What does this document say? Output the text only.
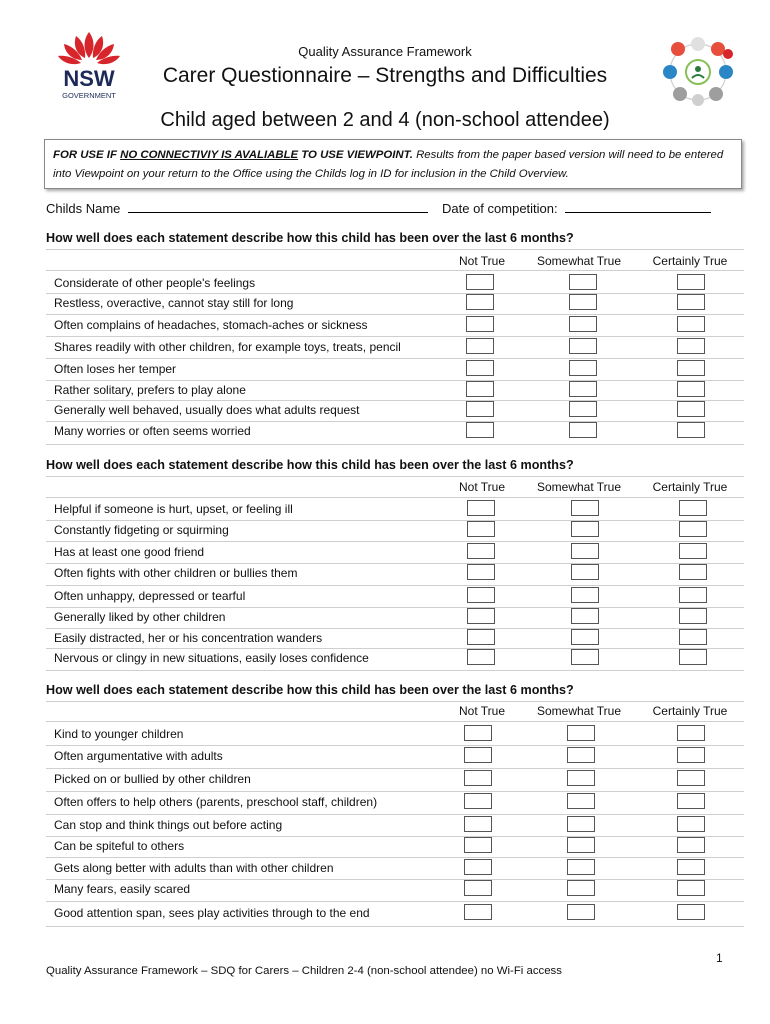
NSW
GOVERNMENT
Quality Assurance Framework
Carer Questionnaire – Strengths and Difficulties
Child aged between 2 and 4 (non-school attendee)
FOR USE IF NO CONNECTIVIY IS AVALIABLE TO USE VIEWPOINT. Results from the paper based version will need to be entered into Viewpoint on your return to the Office using the Childs log in ID for inclusion in the Child Overview.
Childs Name	Date of competition:
How well does each statement describe how this child has been over the last 6 months?
Not True	Somewhat True	Certainly True
Considerate of other people's feelings
Restless, overactive, cannot stay still for long
Often complains of headaches, stomach-aches or sickness
Shares readily with other children, for example toys, treats, pencil
Often loses her temper
Rather solitary, prefers to play alone
Generally well behaved, usually does what adults request
Many worries or often seems worried
How well does each statement describe how this child has been over the last 6 months?
Not True	Somewhat True	Certainly True
Helpful if someone is hurt, upset, or feeling ill
Constantly fidgeting or squirming
Has at least one good friend
Often fights with other children or bullies them
Often unhappy, depressed or tearful
Generally liked by other children
Easily distracted, her or his concentration wanders
Nervous or clingy in new situations, easily loses confidence
How well does each statement describe how this child has been over the last 6 months?
Not True	Somewhat True	Certainly True
Kind to younger children
Often argumentative with adults
Picked on or bullied by other children
Often offers to help others (parents, preschool staff, children)
Can stop and think things out before acting
Can be spiteful to others
Gets along better with adults than with other children
Many fears, easily scared
Good attention span, sees play activities through to the end
Quality Assurance Framework – SDQ for Carers – Children 2-4 (non-school attendee) no Wi-Fi access
1
